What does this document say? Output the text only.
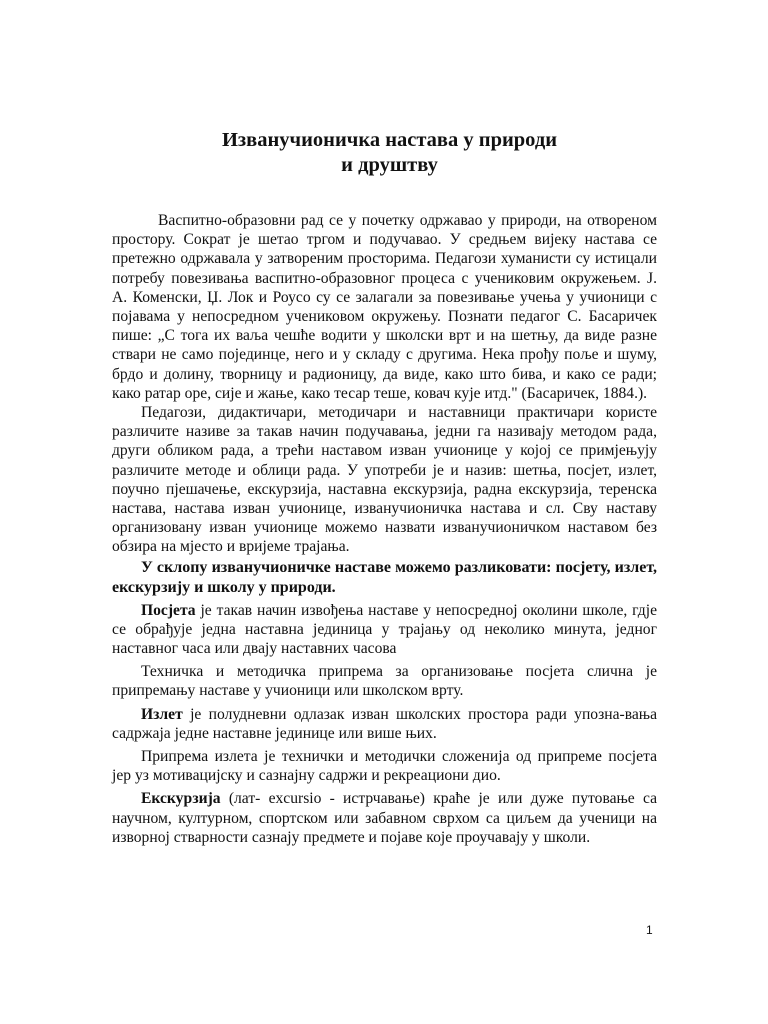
Изванучионичка настава у природи
и друштву

Васпитно-образовни рад се у почетку одржавао у природи, на отвореном простору. Сократ је шетао тргом и подучавао. У средњем вијеку настава се претежно одржавала у затвореним просторима. Педагози хуманисти су истицали потребу повезивања васпитно-образовног процеса с учениковим окружењем. Ј. А. Коменски, Џ. Лок и Роусо су се залагали за повезивање учења у учионици с појавама у непосредном учениковом окружењу. Познати педагог С. Басаричек пише: „С тога их ваља чешће водити у школски врт и на шетњу, да виде разне ствари не само појединце, него и у складу с другима. Нека прођу поље и шуму, брдо и долину, творницу и радионицу, да виде, како што бива, и како се ради; како ратар оре, сије и жање, како тесар теше, ковач кује итд." (Басаричек, 1884.).

Педагози, дидактичари, методичари и наставници практичари користе различите називе за такав начин подучавања, једни га називају методом рада, други обликом рада, а трећи наставом изван учионице у којој се примјењују различите методе и облици рада. У употреби је и назив: шетња, посјет, излет, поучно пјешачење, екскурзија, наставна екскурзија, радна екскурзија, теренска настава, настава изван учионице, изванучионичка настава и сл. Сву наставу организовану изван учионице можемо назвати изванучионичком наставом без обзира на мјесто и вријеме трајања.

У склопу изванучионичке наставе можемо разликовати: посјету, излет, екскурзију и школу у природи.

Посјета је такав начин извођења наставе у непосредној околини школе, гдје се обрађује једна наставна јединица у трајању од неколико минута, једног наставног часа или двају наставних часова

Техничка и методичка припрема за организовање посјета слична је припремању наставе у учионици или школском врту.

Излет је полудневни одлазак изван школских простора ради упозна-вања садржаја једне наставне јединице или више њих.

Припрема излета је технички и методички сложенија од припреме посјета јер уз мотивацијску и сазнајну садржи и рекреациони дио.

Екскурзија (лат- excursio - истрчавање) краће је или дуже путовање са научном, културном, спортском или забавном сврхом са циљем да ученици на изворној стварности сазнају предмете и појаве које проучавају у школи.

1
